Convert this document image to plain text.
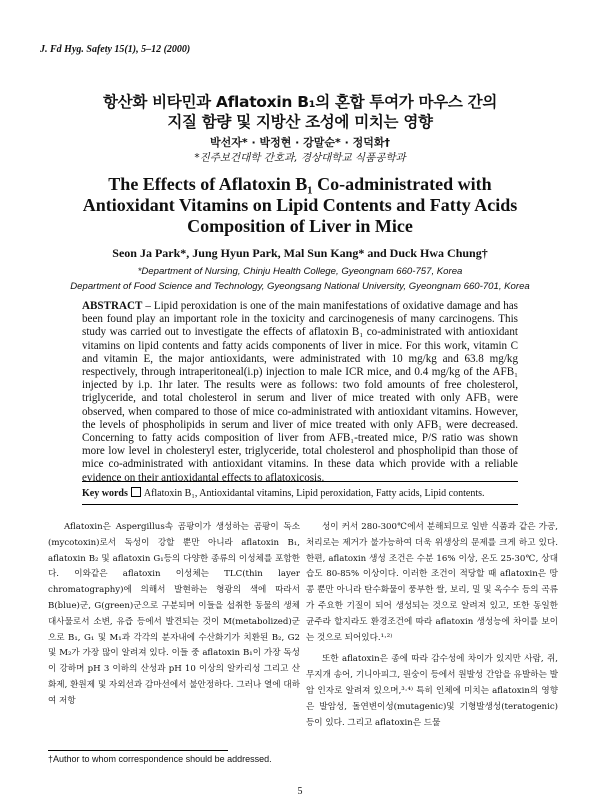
J. Fd Hyg. Safety 15(1), 5–12 (2000)
항산화 비타민과 Aflatoxin B₁의 혼합 투여가 마우스 간의
지질 함량 및 지방산 조성에 미치는 영향
박선자* · 박정현 · 강말순* · 정덕화†
*진주보건대학 간호과, 경상대학교 식품공학과
The Effects of Aflatoxin B₁ Co-administrated with
Antioxidant Vitamins on Lipid Contents and Fatty Acids
Composition of Liver in Mice
Seon Ja Park*, Jung Hyun Park, Mal Sun Kang* and Duck Hwa Chung†
*Department of Nursing, Chinju Health College, Gyeongnam 660-757, Korea
Department of Food Science and Technology, Gyeongsang National University, Gyeongnam 660-701, Korea
ABSTRACT – Lipid peroxidation is one of the main manifestations of oxidative damage and has been found play an important role in the toxicity and carcinogenesis of many carcinogens. This study was carried out to investigate the effects of aflatoxin B₁ co-administrated with antioxidant vitamins on lipid contents and fatty acids components of liver in mice. For this work, vitamin C and vitamin E, the major antioxidants, were administrated with 10 mg/kg and 63.8 mg/kg respectively, through intraperitoneal(i.p) injection to male ICR mice, and 0.4 mg/kg of the AFB₁ injected by i.p. 1hr later. The results were as follows: two fold amounts of free cholesterol, triglyceride, and total cholesterol in serum and liver of mice treated with only AFB₁ were observed, when compared to those of mice co-administrated with antioxidant vitamins. However, the levels of phospholipids in serum and liver of mice treated with only AFB₁ were decreased. Concerning to fatty acids composition of liver from AFB₁-treated mice, P/S ratio was shown more low level in cholesteryl ester, triglyceride, total cholesterol and phospholipid than those of mice co-administrated with antioxidant vitamins. In these data which provide with a reliable evidence on their antioxidantal effects to aflatoxicosis.
Key words Aflatoxin B₁, Antioxidantal vitamins, Lipid peroxidation, Fatty acids, Lipid contents.

Aflatoxin은 Aspergillus속 곰팡이가 생성하는 곰팡이 독소(mycotoxin)로서 독성이 강할 뿐만 아니라 aflatoxin B₁, aflatoxin B₂ 및 aflatoxin G₁등의 다양한 종류의 이성체를 포함한다. 이와같은 aflatoxin 이성체는 TLC(thin layer chromatography)에 의해서 발현하는 형광의 색에 따라서 B(blue)군, G(green)군으로 구분되며 이들을 섭취한 동물의 생체 대사물로서 소변, 유즙 등에서 발견되는 것이 M(metabolized)군으로 B₁, G₁ 및 M₁과 각각의 분자내에 수산화기가 치환된 B₂, G2 및 M₂가 가장 많이 알려져 있다. 이들 중 aflatoxin B₁이 가장 독성이 강하며 pH 3 이하의 산성과 pH 10 이상의 알카리성 그리고 산화제, 환원제 및 자외선과 감마선에서 불안정하다. 그러나 열에 대하여 저항

성이 커서 280-300℃에서 분해되므로 일반 식품과 같은 가공, 처리로는 제거가 불가능하여 더욱 위생상의 문제를 크게 하고 있다. 한편, aflatoxin 생성 조건은 수분 16% 이상, 온도 25-30℃, 상대습도 80-85% 이상이다. 이러한 조건이 적당할 때 aflatoxin은 땅콩 뿐만 아니라 탄수화물이 풍부한 쌀, 보리, 밀 및 옥수수 등의 곡류가 주요한 기질이 되어 생성되는 것으로 알려져 있고, 또한 동일한 균주라 할지라도 환경조건에 따라 aflatoxin 생성능에 차이를 보이는 것으로 되어있다.¹·²⁾

또한 aflatoxin은 종에 따라 감수성에 차이가 있지만 사람, 쥐, 무지개 송어, 기니아피그, 원숭이 등에서 원발성 간암을 유발하는 발암 인자로 알려져 있으며,³·⁴⁾ 특히 인체에 미치는 aflatoxin의 영향은 발암성, 돌연변이성(mutagenic)및 기형발생성(teratogenic)등이 있다. 그리고 aflatoxin은 드물

†Author to whom correspondence should be addressed.
5
